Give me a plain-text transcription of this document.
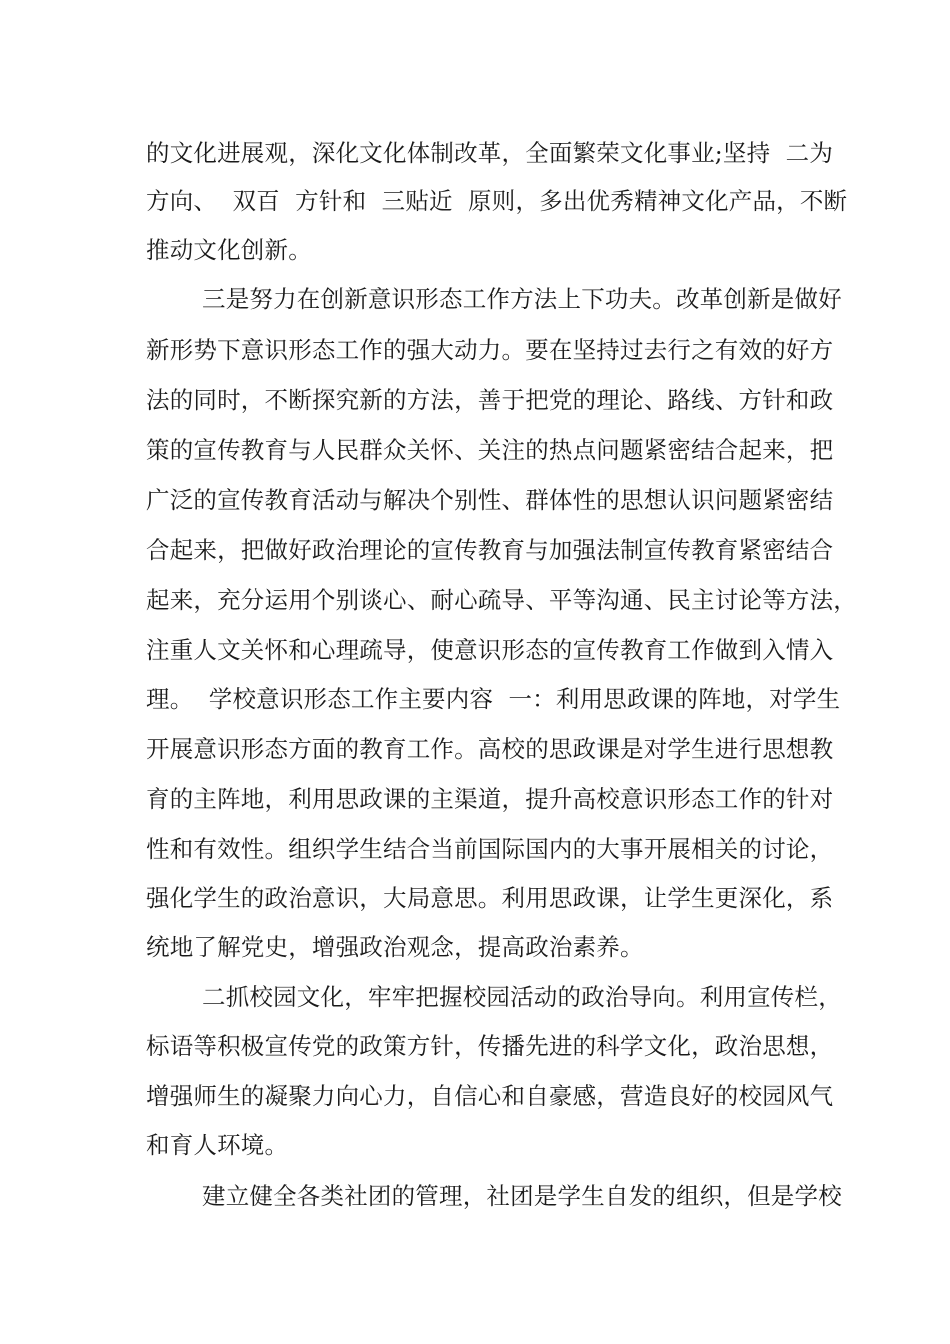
的文化进展观，深化文化体制改革，全面繁荣文化事业;坚持  二为

方向、  双百  方针和  三贴近  原则，多出优秀精神文化产品，不断

推动文化创新。

三是努力在创新意识形态工作方法上下功夫。改革创新是做好

新形势下意识形态工作的强大动力。要在坚持过去行之有效的好方

法的同时，不断探究新的方法，善于把党的理论、路线、方针和政

策的宣传教育与人民群众关怀、关注的热点问题紧密结合起来，把

广泛的宣传教育活动与解决个别性、群体性的思想认识问题紧密结

合起来，把做好政治理论的宣传教育与加强法制宣传教育紧密结合

起来，充分运用个别谈心、耐心疏导、平等沟通、民主讨论等方法，

注重人文关怀和心理疏导，使意识形态的宣传教育工作做到入情入

理。  学校意识形态工作主要内容  一：利用思政课的阵地，对学生

开展意识形态方面的教育工作。高校的思政课是对学生进行思想教

育的主阵地，利用思政课的主渠道，提升高校意识形态工作的针对

性和有效性。组织学生结合当前国际国内的大事开展相关的讨论，

强化学生的政治意识，大局意思。利用思政课，让学生更深化，系

统地了解党史，增强政治观念，提高政治素养。

二抓校园文化，牢牢把握校园活动的政治导向。利用宣传栏，

标语等积极宣传党的政策方针，传播先进的科学文化，政治思想，

增强师生的凝聚力向心力，自信心和自豪感，营造良好的校园风气

和育人环境。

建立健全各类社团的管理，社团是学生自发的组织，但是学校
